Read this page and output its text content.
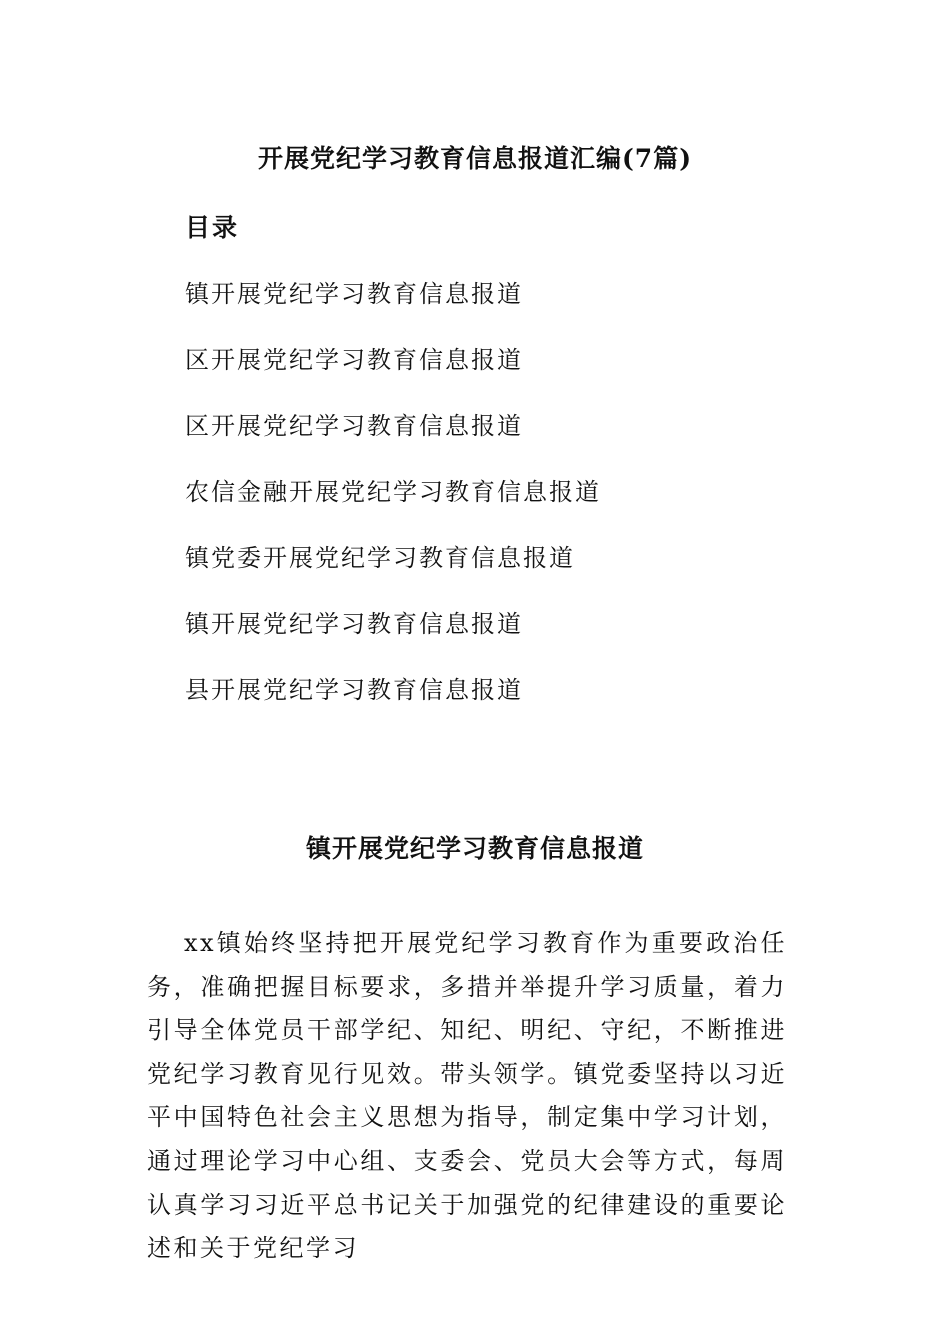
开展党纪学习教育信息报道汇编(7篇)
目录
镇开展党纪学习教育信息报道
区开展党纪学习教育信息报道
区开展党纪学习教育信息报道
农信金融开展党纪学习教育信息报道
镇党委开展党纪学习教育信息报道
镇开展党纪学习教育信息报道
县开展党纪学习教育信息报道
镇开展党纪学习教育信息报道

xx镇始终坚持把开展党纪学习教育作为重要政治任务，准确把握目标要求，多措并举提升学习质量，着力引导全体党员干部学纪、知纪、明纪、守纪，不断推进党纪学习教育见行见效。带头领学。镇党委坚持以习近平中国特色社会主义思想为指导，制定集中学习计划，通过理论学习中心组、支委会、党员大会等方式，每周认真学习习近平总书记关于加强党的纪律建设的重要论述和关于党纪学习
